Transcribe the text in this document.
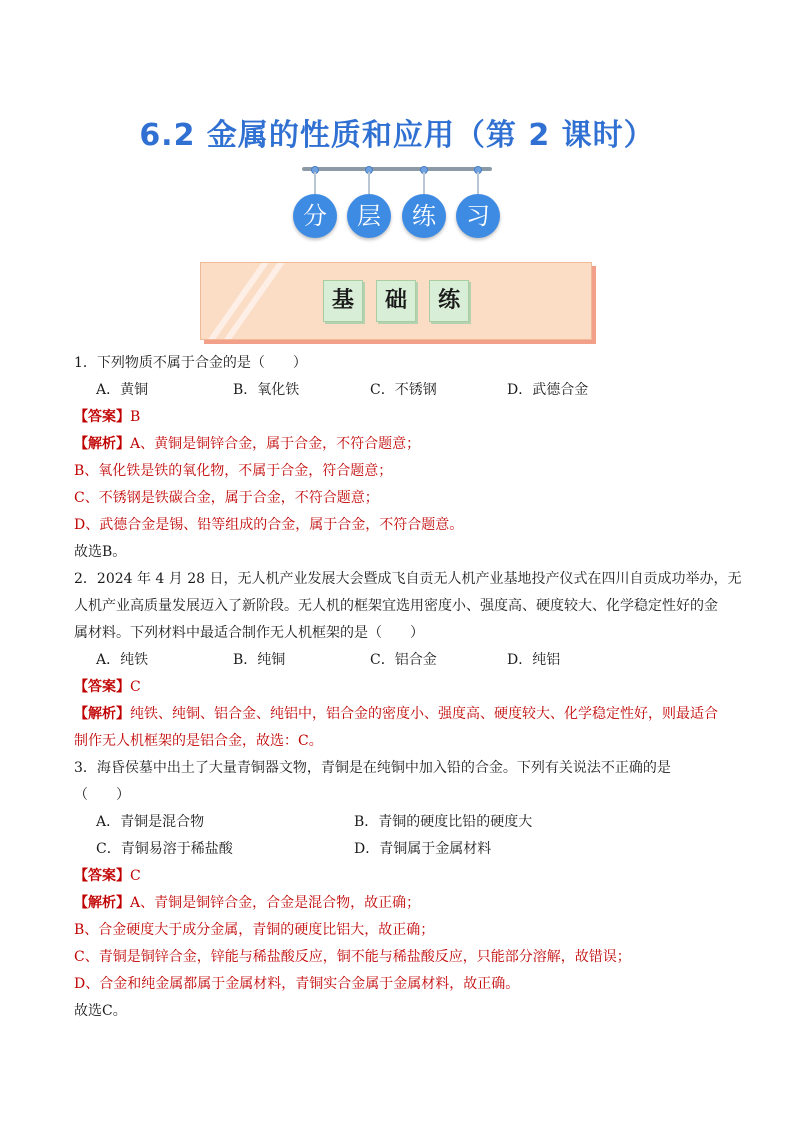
6.2 金属的性质和应用（第 2 课时）
分	层	练	习
基 础 练
1．下列物质不属于合金的是（　　）
A．黄铜	B．氧化铁	C．不锈钢	D．武德合金
【答案】B
【解析】A、黄铜是铜锌合金，属于合金，不符合题意；
B、氧化铁是铁的氧化物，不属于合金，符合题意；
C、不锈钢是铁碳合金，属于合金，不符合题意；
D、武德合金是锡、铅等组成的合金，属于合金，不符合题意。
故选B。
2．2024 年 4 月 28 日，无人机产业发展大会暨成飞自贡无人机产业基地投产仪式在四川自贡成功举办，无
人机产业高质量发展迈入了新阶段。无人机的框架宜选用密度小、强度高、硬度较大、化学稳定性好的金
属材料。下列材料中最适合制作无人机框架的是（　　）
A．纯铁	B．纯铜	C．铝合金	D．纯铝
【答案】C
【解析】纯铁、纯铜、铝合金、纯铝中，铝合金的密度小、强度高、硬度较大、化学稳定性好，则最适合
制作无人机框架的是铝合金，故选：C。
3．海昏侯墓中出土了大量青铜器文物，青铜是在纯铜中加入铅的合金。下列有关说法不正确的是
（　　）
A．青铜是混合物	B．青铜的硬度比铅的硬度大
C．青铜易溶于稀盐酸	D．青铜属于金属材料
【答案】C
【解析】A、青铜是铜锌合金，合金是混合物，故正确；
B、合金硬度大于成分金属，青铜的硬度比铝大，故正确；
C、青铜是铜锌合金，锌能与稀盐酸反应，铜不能与稀盐酸反应，只能部分溶解，故错误；
D、合金和纯金属都属于金属材料，青铜实合金属于金属材料，故正确。
故选C。
